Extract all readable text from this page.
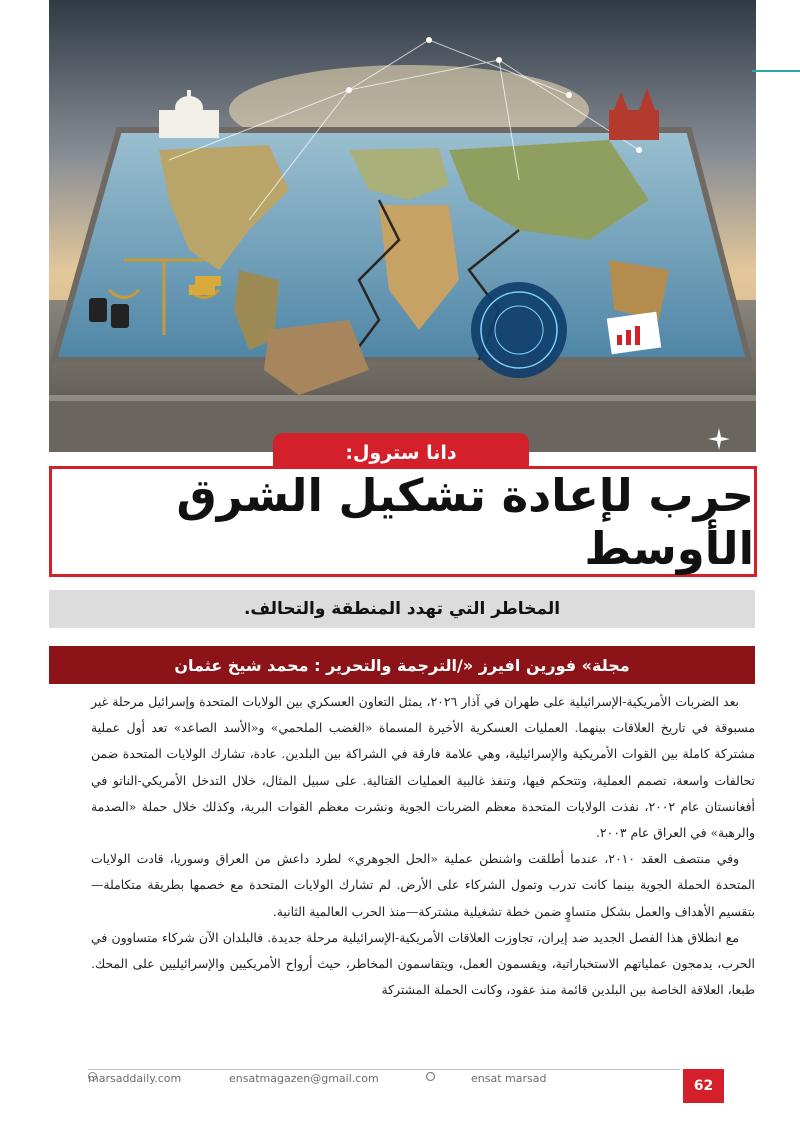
دانا سترول:
حرب لإعادة تشكيل الشرق الأوسط
المخاطر التي تهدد المنطقة والتحالف.
مجلة» فورين افيرز «/الترجمة والتحرير : محمد شيخ عثمان

بعد الضربات الأمريكية-الإسرائيلية على طهران في آذار ٢٠٢٦، يمثل التعاون العسكري بين الولايات المتحدة وإسرائيل مرحلة غير مسبوقة في تاريخ العلاقات بينهما. العمليات العسكرية الأخيرة المسماة «الغضب الملحمي» و«الأسد الصاعد» تعد أول عملية مشتركة كاملة بين القوات الأمريكية والإسرائيلية، وهي علامة فارقة في الشراكة بين البلدين. عادة، تشارك الولايات المتحدة ضمن تحالفات واسعة، تصمم العملية، وتتحكم فيها، وتنفذ غالبية العمليات القتالية. على سبيل المثال، خلال التدخل الأمريكي-الناتو في أفغانستان عام ٢٠٠٢، نفذت الولايات المتحدة معظم الضربات الجوية ونشرت معظم القوات البرية، وكذلك خلال حملة «الصدمة والرهبة» في العراق عام ٢٠٠٣.

وفي منتصف العقد ٢٠١٠، عندما أطلقت واشنطن عملية «الحل الجوهري» لطرد داعش من العراق وسوريا، قادت الولايات المتحدة الحملة الجوية بينما كانت تدرب وتمول الشركاء على الأرض. لم تشارك الولايات المتحدة مع خصمها بطريقة متكاملة—بتقسيم الأهداف والعمل بشكل متساوٍ ضمن خطة تشغيلية مشتركة—منذ الحرب العالمية الثانية.

مع انطلاق هذا الفصل الجديد ضد إيران، تجاوزت العلاقات الأمريكية-الإسرائيلية مرحلة جديدة. فالبلدان الآن شركاء متساوون في الحرب، يدمجون عملياتهم الاستخباراتية، ويقسمون العمل، ويتقاسمون المخاطر، حيث أرواح الأمريكيين والإسرائيليين على المحك. طبعا، العلاقة الخاصة بين البلدين قائمة منذ عقود، وكانت الحملة المشتركة

marsaddaily.com	ensatmagazen@gmail.com	ensat marsad	62
